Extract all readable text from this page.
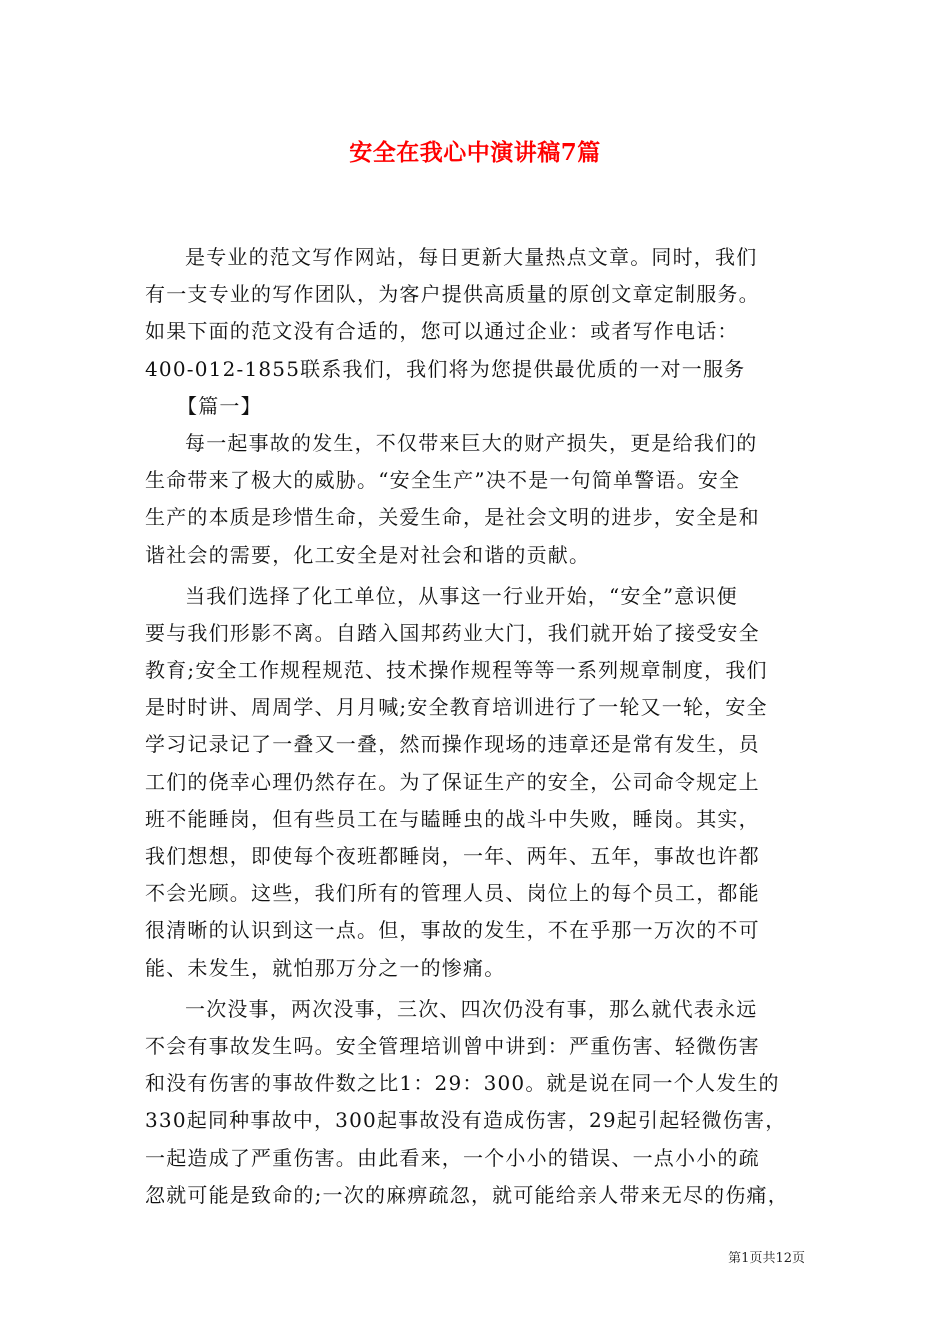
安全在我心中演讲稿7篇
是专业的范文写作网站，每日更新大量热点文章。同时，我们
有一支专业的写作团队，为客户提供高质量的原创文章定制服务。
如果下面的范文没有合适的，您可以通过企业：或者写作电话：
400-012-1855联系我们，我们将为您提供最优质的一对一服务
【篇一】
每一起事故的发生，不仅带来巨大的财产损失，更是给我们的
生命带来了极大的威胁。“安全生产”决不是一句简单警语。安全
生产的本质是珍惜生命，关爱生命，是社会文明的进步，安全是和
谐社会的需要，化工安全是对社会和谐的贡献。
当我们选择了化工单位，从事这一行业开始，“安全”意识便
要与我们形影不离。自踏入国邦药业大门，我们就开始了接受安全
教育;安全工作规程规范、技术操作规程等等一系列规章制度，我们
是时时讲、周周学、月月喊;安全教育培训进行了一轮又一轮，安全
学习记录记了一叠又一叠，然而操作现场的违章还是常有发生，员
工们的侥幸心理仍然存在。为了保证生产的安全，公司命令规定上
班不能睡岗，但有些员工在与瞌睡虫的战斗中失败，睡岗。其实，
我们想想，即使每个夜班都睡岗，一年、两年、五年，事故也许都
不会光顾。这些，我们所有的管理人员、岗位上的每个员工，都能
很清晰的认识到这一点。但，事故的发生，不在乎那一万次的不可
能、未发生，就怕那万分之一的惨痛。
一次没事，两次没事，三次、四次仍没有事，那么就代表永远
不会有事故发生吗。安全管理培训曾中讲到：严重伤害、轻微伤害
和没有伤害的事故件数之比1：29：300。就是说在同一个人发生的
330起同种事故中，300起事故没有造成伤害，29起引起轻微伤害，
一起造成了严重伤害。由此看来，一个小小的错误、一点小小的疏
忽就可能是致命的;一次的麻痹疏忽，就可能给亲人带来无尽的伤痛，
第1页共12页
